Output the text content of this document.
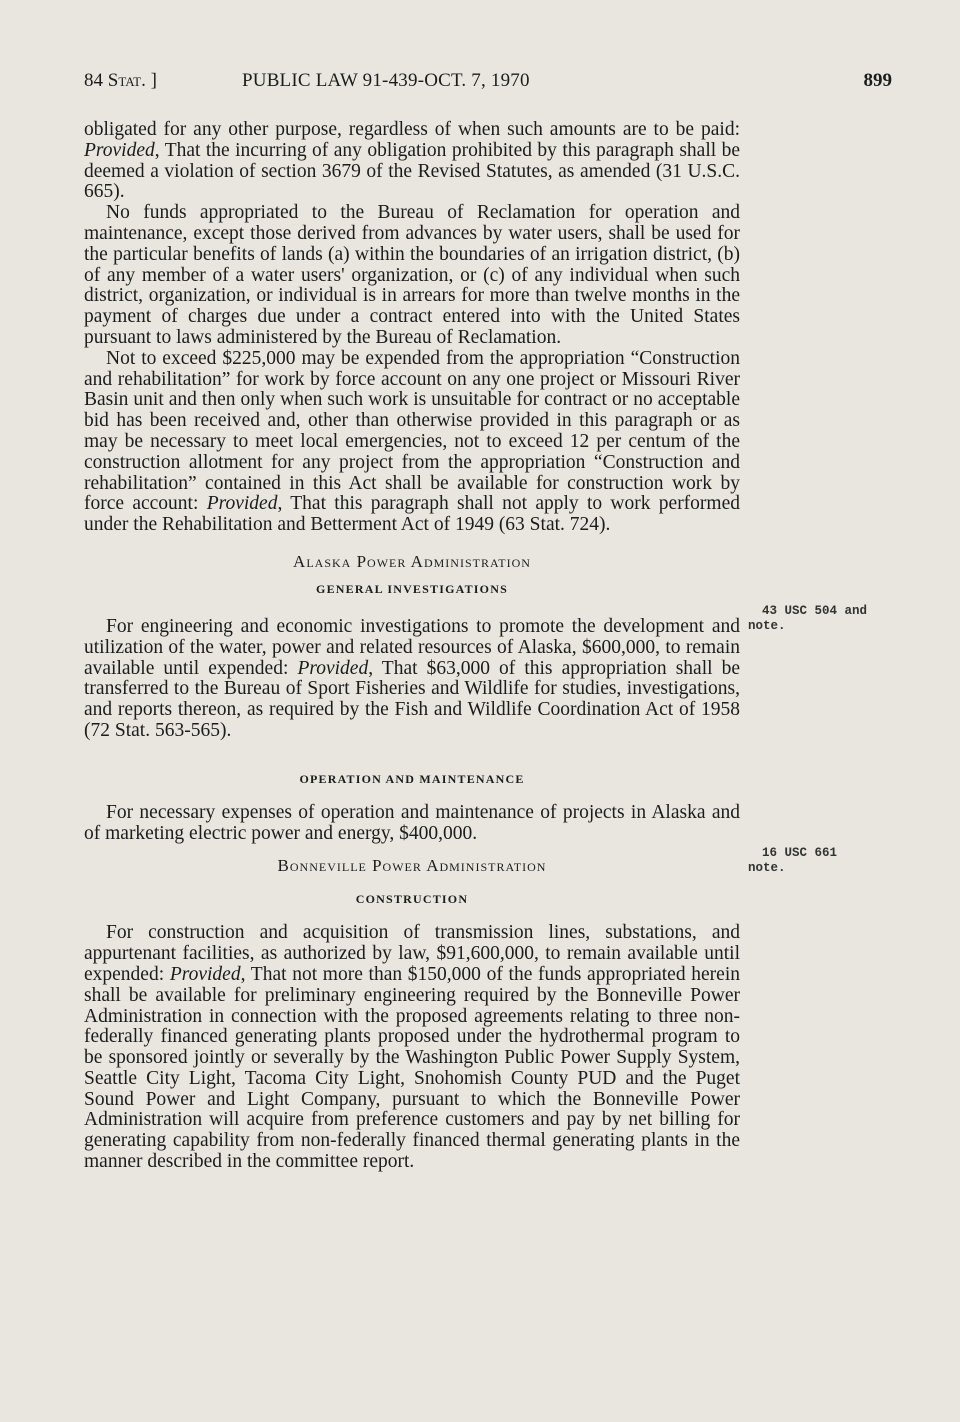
84 Stat. ]	PUBLIC LAW 91-439-OCT. 7, 1970	899

obligated for any other purpose, regardless of when such amounts are to be paid: Provided, That the incurring of any obligation prohibited by this paragraph shall be deemed a violation of section 3679 of the Revised Statutes, as amended (31 U.S.C. 665).

No funds appropriated to the Bureau of Reclamation for operation and maintenance, except those derived from advances by water users, shall be used for the particular benefits of lands (a) within the boundaries of an irrigation district, (b) of any member of a water users' organization, or (c) of any individual when such district, organization, or individual is in arrears for more than twelve months in the payment of charges due under a contract entered into with the United States pursuant to laws administered by the Bureau of Reclamation.

Not to exceed $225,000 may be expended from the appropriation “Construction and rehabilitation” for work by force account on any one project or Missouri River Basin unit and then only when such work is unsuitable for contract or no acceptable bid has been received and, other than otherwise provided in this paragraph or as may be necessary to meet local emergencies, not to exceed 12 per centum of the construction allotment for any project from the appropriation “Construction and rehabilitation” contained in this Act shall be available for construction work by force account: Provided, That this paragraph shall not apply to work performed under the Rehabilitation and Betterment Act of 1949 (63 Stat. 724).

Alaska Power Administration

GENERAL INVESTIGATIONS

For engineering and economic investigations to promote the development and utilization of the water, power and related resources of Alaska, $600,000, to remain available until expended: Provided, That $63,000 of this appropriation shall be transferred to the Bureau of Sport Fisheries and Wildlife for studies, investigations, and reports thereon, as required by the Fish and Wildlife Coordination Act of 1958 (72 Stat. 563-565).

OPERATION AND MAINTENANCE

For necessary expenses of operation and maintenance of projects in Alaska and of marketing electric power and energy, $400,000.

Bonneville Power Administration

CONSTRUCTION

For construction and acquisition of transmission lines, substations, and appurtenant facilities, as authorized by law, $91,600,000, to remain available until expended: Provided, That not more than $150,000 of the funds appropriated herein shall be available for preliminary engineering required by the Bonneville Power Administration in connection with the proposed agreements relating to three non-federally financed generating plants proposed under the hydrothermal program to be sponsored jointly or severally by the Washington Public Power Supply System, Seattle City Light, Tacoma City Light, Snohomish County PUD and the Puget Sound Power and Light Company, pursuant to which the Bonneville Power Administration will acquire from preference customers and pay by net billing for generating capability from non-federally financed thermal generating plants in the manner described in the committee report.

43 USC 504 and
note.
16 USC 661
note.
